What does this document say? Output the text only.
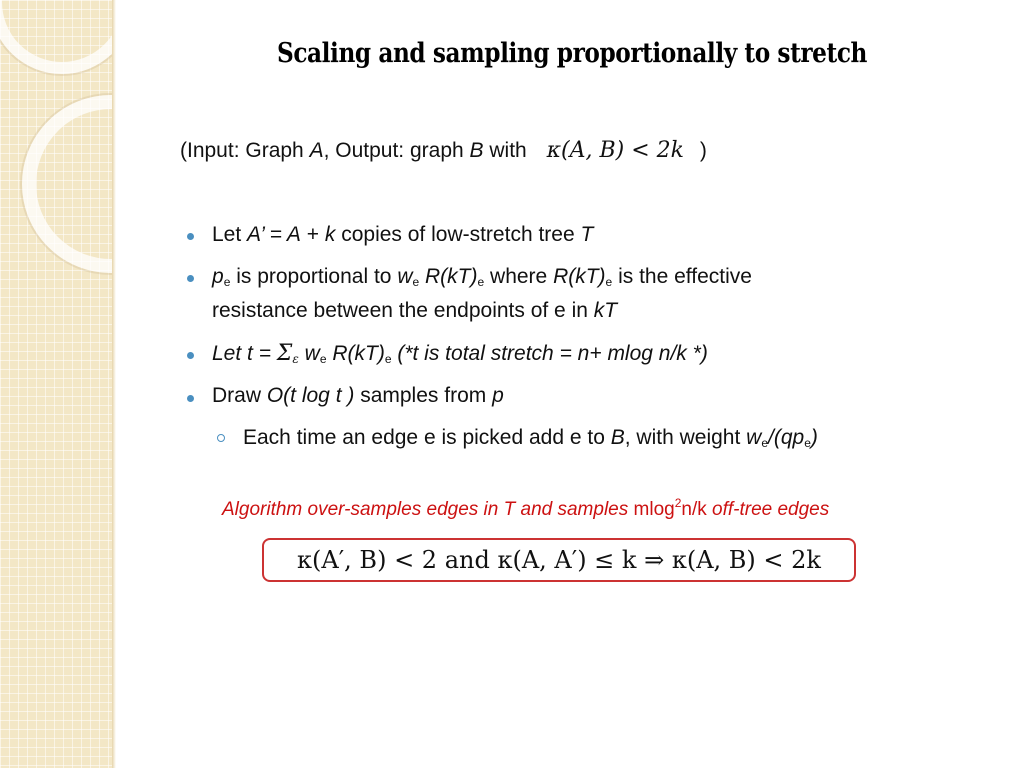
Scaling and sampling proportionally to stretch
(Input: Graph A, Output: graph B with κ(A, B) < 2k )
Let A’ = A + k copies of low-stretch tree T
$p_e$ is proportional to $w_e$ $R(kT)_e$ where $R(kT)_e$ is the effective
resistance between the endpoints of e in kT
Let $t = \Sigma_\varepsilon$ $w_e$ $R(kT)_e$ (*t is total stretch = n+ mlog n/k *)
Draw O(t log t ) samples from p
Each time an edge e is picked add e to B, with weight $w_e/(qp_e)$
Algorithm over-samples edges in T and samples mlog$^2$n/k off-tree edges
κ(A′, B) < 2 and κ(A, A′) ≤ k ⇒ κ(A, B) < 2k
